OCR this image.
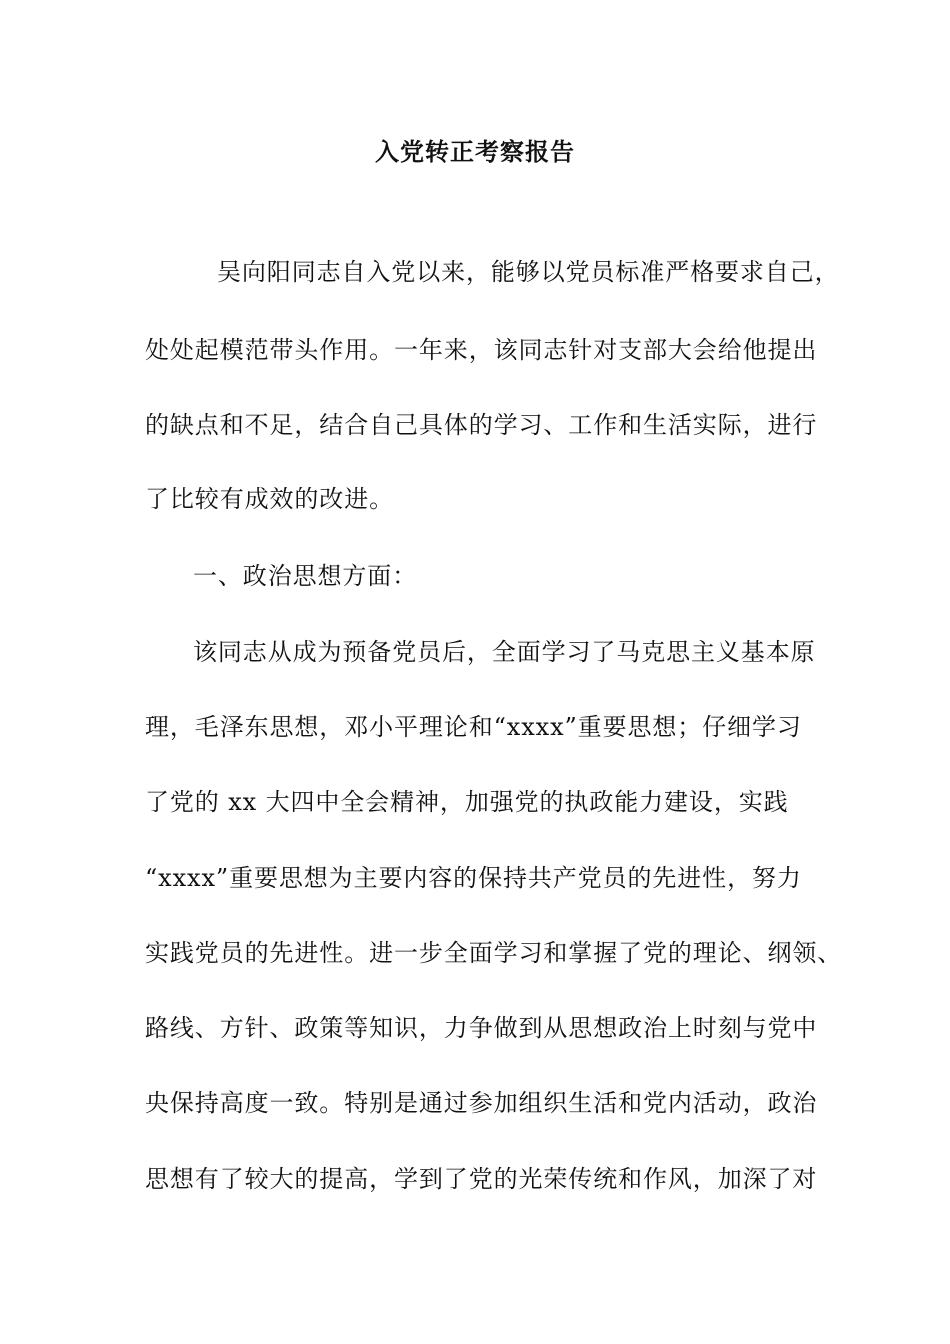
入党转正考察报告
吴向阳同志自入党以来，能够以党员标准严格要求自己，
处处起模范带头作用。一年来，该同志针对支部大会给他提出
的缺点和不足，结合自己具体的学习、工作和生活实际，进行
了比较有成效的改进。
一、政治思想方面：
该同志从成为预备党员后，全面学习了马克思主义基本原
理，毛泽东思想，邓小平理论和“xxxx”重要思想；仔细学习
了党的 xx 大四中全会精神，加强党的执政能力建设，实践
“xxxx”重要思想为主要内容的保持共产党员的先进性，努力
实践党员的先进性。进一步全面学习和掌握了党的理论、纲领、
路线、方针、政策等知识，力争做到从思想政治上时刻与党中
央保持高度一致。特别是通过参加组织生活和党内活动，政治
思想有了较大的提高，学到了党的光荣传统和作风，加深了对
